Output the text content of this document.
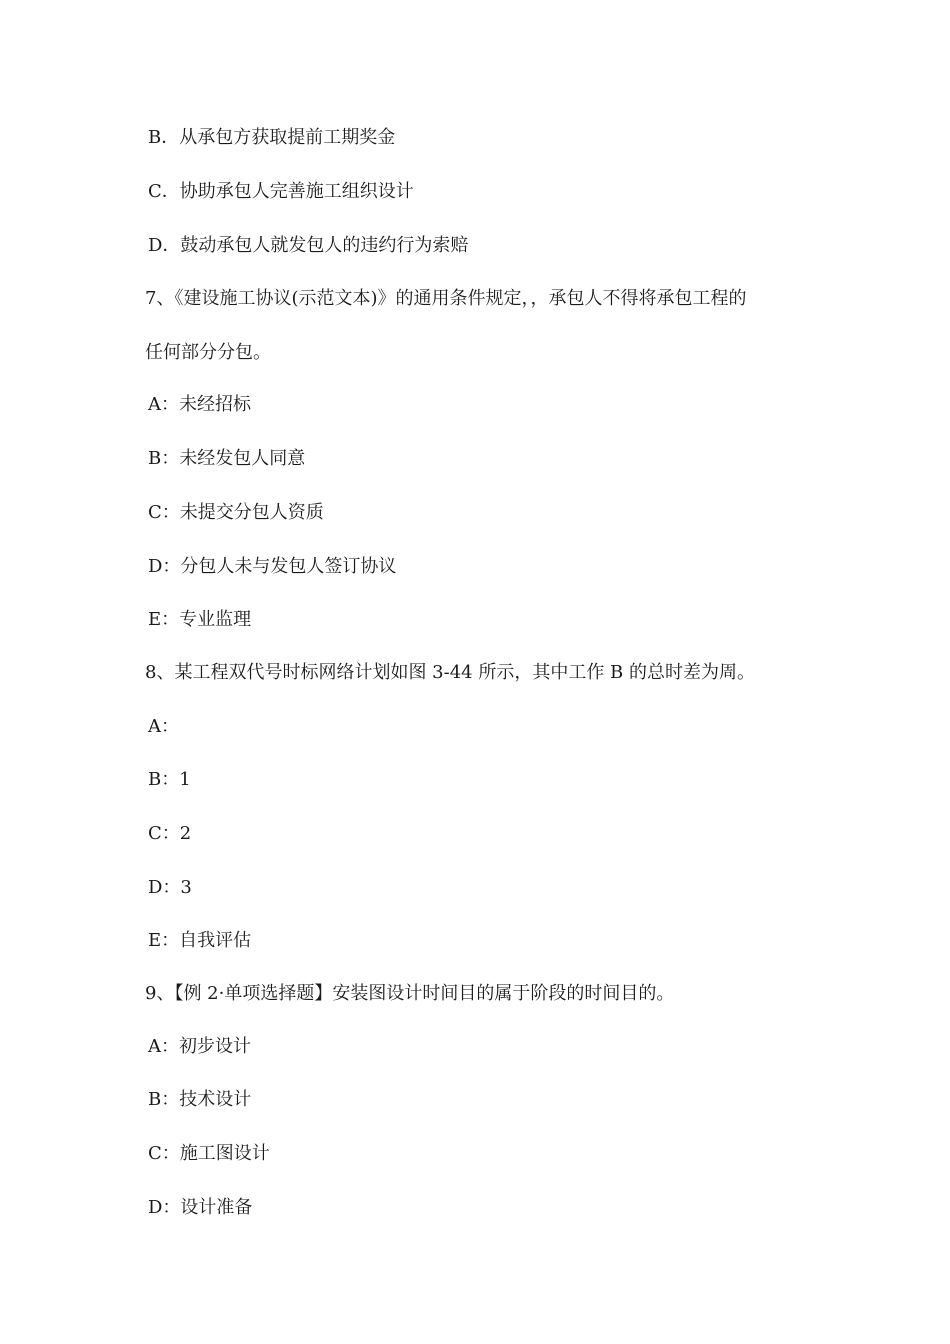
B．从承包方获取提前工期奖金
C．协助承包人完善施工组织设计
D．鼓动承包人就发包人的违约行为索赔
7、《建设施工协议(示范文本)》的通用条件规定，，承包人不得将承包工程的
任何部分分包。
A：未经招标
B：未经发包人同意
C：未提交分包人资质
D：分包人未与发包人签订协议
E：专业监理
8、某工程双代号时标网络计划如图 3-44 所示，其中工作 B 的总时差为周。
A：
B：1
C：2
D：3
E：自我评估
9、【例 2·单项选择题】安装图设计时间目的属于阶段的时间目的。
A：初步设计
B：技术设计
C：施工图设计
D：设计准备
